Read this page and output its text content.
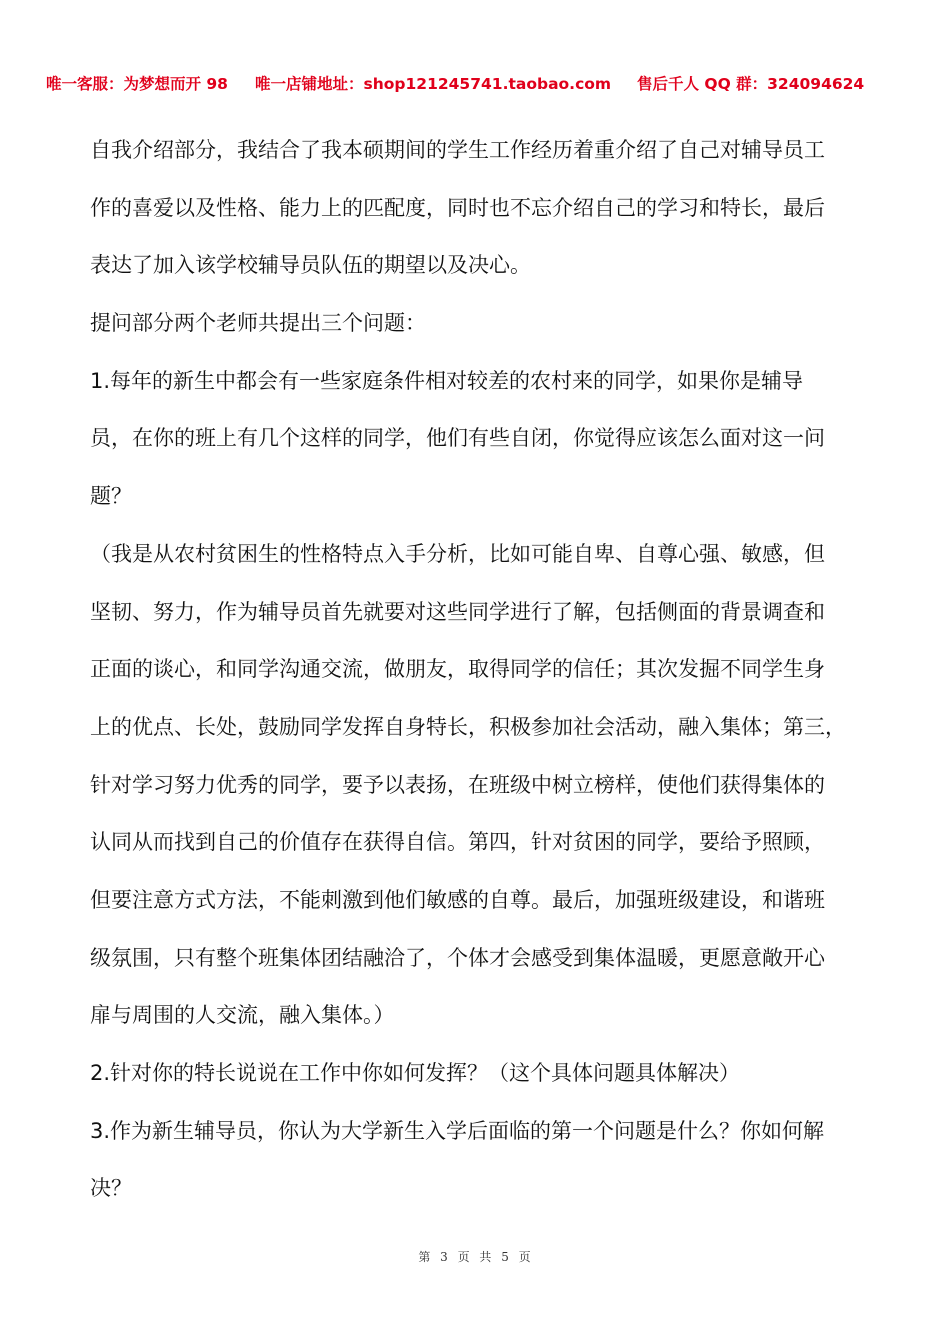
唯一客服：为梦想而开 98 唯一店铺地址：shop121245741.taobao.com 售后千人 QQ 群：324094624
自我介绍部分，我结合了我本硕期间的学生工作经历着重介绍了自己对辅导员工
作的喜爱以及性格、能力上的匹配度，同时也不忘介绍自己的学习和特长，最后
表达了加入该学校辅导员队伍的期望以及决心。
提问部分两个老师共提出三个问题：
1.每年的新生中都会有一些家庭条件相对较差的农村来的同学，如果你是辅导
员，在你的班上有几个这样的同学，他们有些自闭，你觉得应该怎么面对这一问
题？
（我是从农村贫困生的性格特点入手分析，比如可能自卑、自尊心强、敏感，但
坚韧、努力，作为辅导员首先就要对这些同学进行了解，包括侧面的背景调查和
正面的谈心，和同学沟通交流，做朋友，取得同学的信任；其次发掘不同学生身
上的优点、长处，鼓励同学发挥自身特长，积极参加社会活动，融入集体；第三，
针对学习努力优秀的同学，要予以表扬，在班级中树立榜样，使他们获得集体的
认同从而找到自己的价值存在获得自信。第四，针对贫困的同学，要给予照顾，
但要注意方式方法，不能刺激到他们敏感的自尊。最后，加强班级建设，和谐班
级氛围，只有整个班集体团结融洽了，个体才会感受到集体温暖，更愿意敞开心
扉与周围的人交流，融入集体。）
2.针对你的特长说说在工作中你如何发挥？（这个具体问题具体解决）
3.作为新生辅导员，你认为大学新生入学后面临的第一个问题是什么？你如何解
决？
第 3 页 共 5 页
